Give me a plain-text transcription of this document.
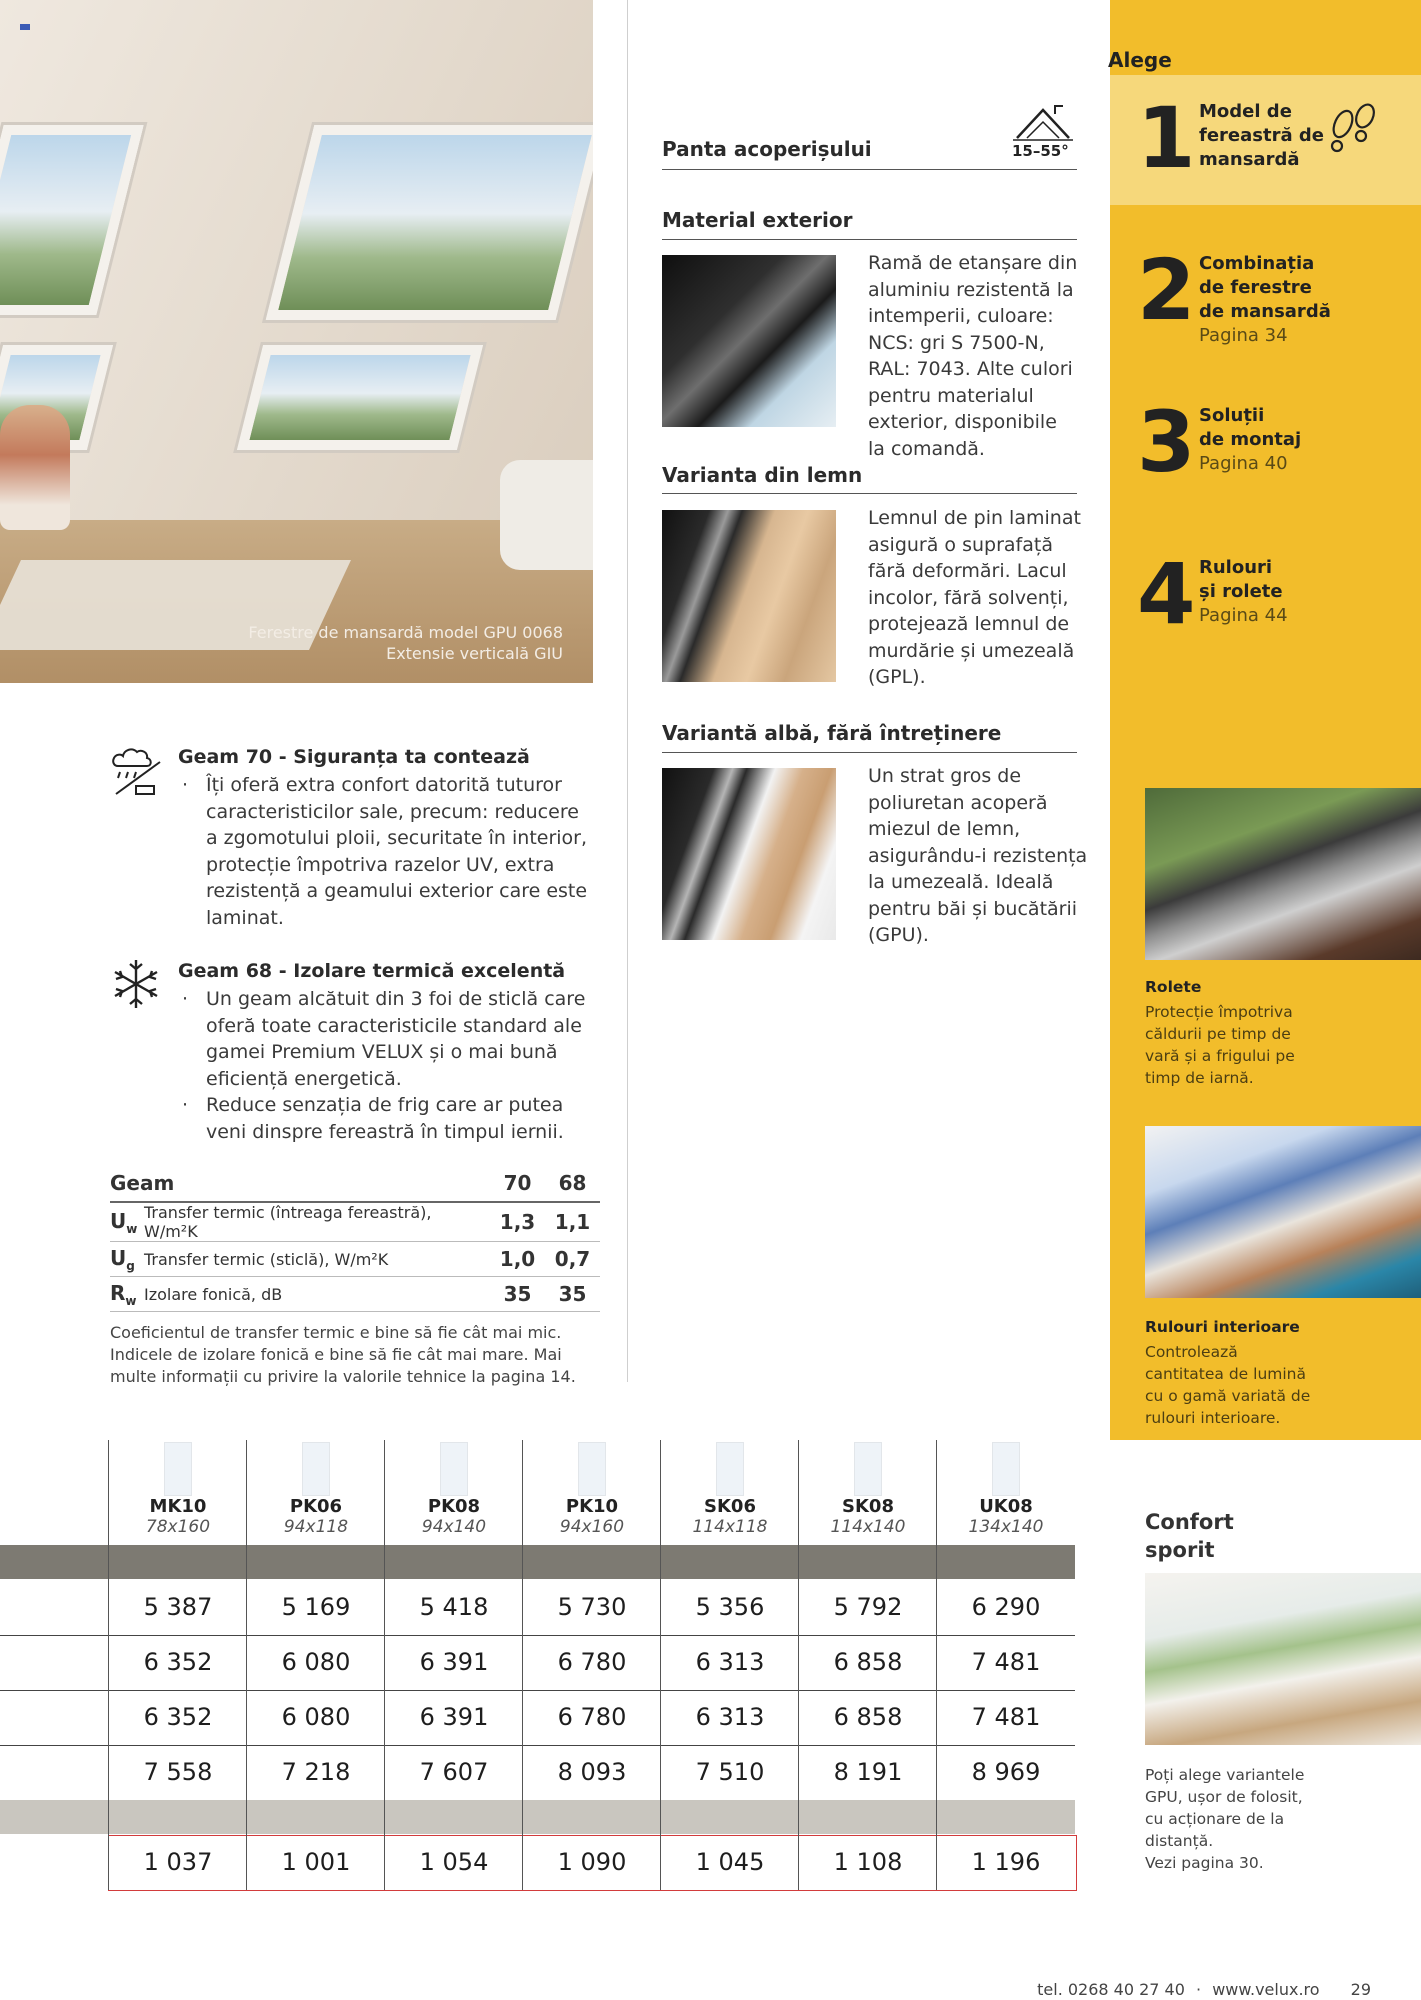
Ferestre de mansardă model GPU 0068
Extensie verticală GIU
Panta acoperișului	15–55°
Material exterior
Ramă de etanșare din
aluminiu rezistentă la
intemperii, culoare:
NCS: gri S 7500-N,
RAL: 7043. Alte culori
pentru materialul
exterior, disponibile
la comandă.
Varianta din lemn
Lemnul de pin laminat
asigură o suprafață
fără deformări. Lacul
incolor, fără solvenți,
protejează lemnul de
murdărie și umezeală
(GPL).
Variantă albă, fără întreținere
Un strat gros de
poliuretan acoperă
miezul de lemn,
asigurându-i rezistența
la umezeală. Ideală
pentru băi și bucătării
(GPU).
Alege
1 Model de
fereastră de
mansardă
2 Combinația
de ferestre
de mansardă
Pagina 34
3 Soluții
de montaj
Pagina 40
4 Rulouri
și rolete
Pagina 44
Rolete
Protecție împotriva
căldurii pe timp de
vară și a frigului pe
timp de iarnă.
Rulouri interioare
Controlează
cantitatea de lumină
cu o gamă variată de
rulouri interioare.
Confort
sporit
Poți alege variantele
GPU, ușor de folosit,
cu acționare de la
distanță.
Vezi pagina 30.
Geam 70 - Siguranța ta contează
· Îți oferă extra confort datorită tuturor
caracteristicilor sale, precum: reducere
a zgomotului ploii, securitate în interior,
protecție împotriva razelor UV, extra
rezistență a geamului exterior care este
laminat.
Geam 68 - Izolare termică excelentă
· Un geam alcătuit din 3 foi de sticlă care
oferă toate caracteristicile standard ale
gamei Premium VELUX și o mai bună
eficiență energetică.
· Reduce senzația de frig care ar putea
veni dinspre fereastră în timpul iernii.
Geam		70	68
$U_w$	Transfer termic (întreaga fereastră), W/m²K	1,3	1,1
$U_g$	Transfer termic (sticlă), W/m²K	1,0	0,7
$R_w$	Izolare fonică, dB	35	35
Coeficientul de transfer termic e bine să fie cât mai mic.
Indicele de izolare fonică e bine să fie cât mai mare. Mai
multe informații cu privire la valorile tehnice la pagina 14.
MK10
78x160
PK06
94x118
PK08
94x140
PK10
94x160
SK06
114x118
SK08
114x140
UK08
134x140
5 387	5 169	5 418	5 730	5 356	5 792	6 290
6 352	6 080	6 391	6 780	6 313	6 858	7 481
6 352	6 080	6 391	6 780	6 313	6 858	7 481
7 558	7 218	7 607	8 093	7 510	8 191	8 969
1 037	1 001	1 054	1 090	1 045	1 108	1 196
tel. 0268 40 27 40 · www.velux.ro 29
